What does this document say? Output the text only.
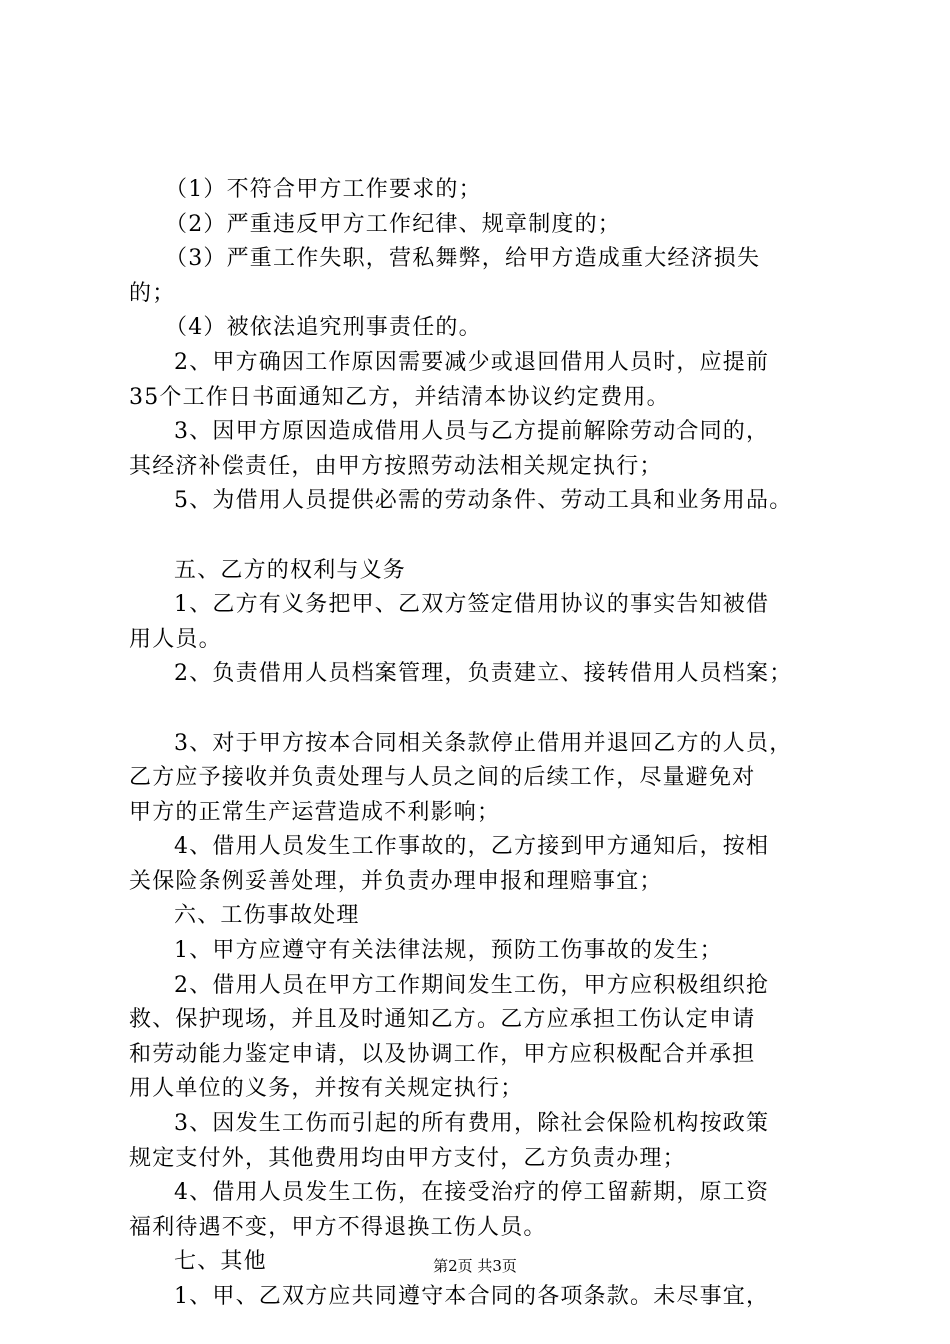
（1）不符合甲方工作要求的；
（2）严重违反甲方工作纪律、规章制度的；
（3）严重工作失职，营私舞弊，给甲方造成重大经济损失
的；
（4）被依法追究刑事责任的。
2、甲方确因工作原因需要减少或退回借用人员时，应提前
35个工作日书面通知乙方，并结清本协议约定费用。
3、因甲方原因造成借用人员与乙方提前解除劳动合同的，
其经济补偿责任，由甲方按照劳动法相关规定执行；
5、为借用人员提供必需的劳动条件、劳动工具和业务用品。
五、乙方的权利与义务
1、乙方有义务把甲、乙双方签定借用协议的事实告知被借
用人员。
2、负责借用人员档案管理，负责建立、接转借用人员档案；
3、对于甲方按本合同相关条款停止借用并退回乙方的人员，
乙方应予接收并负责处理与人员之间的后续工作，尽量避免对
甲方的正常生产运营造成不利影响；
4、借用人员发生工作事故的，乙方接到甲方通知后，按相
关保险条例妥善处理，并负责办理申报和理赔事宜；
六、工伤事故处理
1、甲方应遵守有关法律法规，预防工伤事故的发生；
2、借用人员在甲方工作期间发生工伤，甲方应积极组织抢
救、保护现场，并且及时通知乙方。乙方应承担工伤认定申请
和劳动能力鉴定申请，以及协调工作，甲方应积极配合并承担
用人单位的义务，并按有关规定执行；
3、因发生工伤而引起的所有费用，除社会保险机构按政策
规定支付外，其他费用均由甲方支付，乙方负责办理；
4、借用人员发生工伤，在接受治疗的停工留薪期，原工资
福利待遇不变，甲方不得退换工伤人员。
七、其他
1、甲、乙双方应共同遵守本合同的各项条款。未尽事宜，
第2页 共3页
